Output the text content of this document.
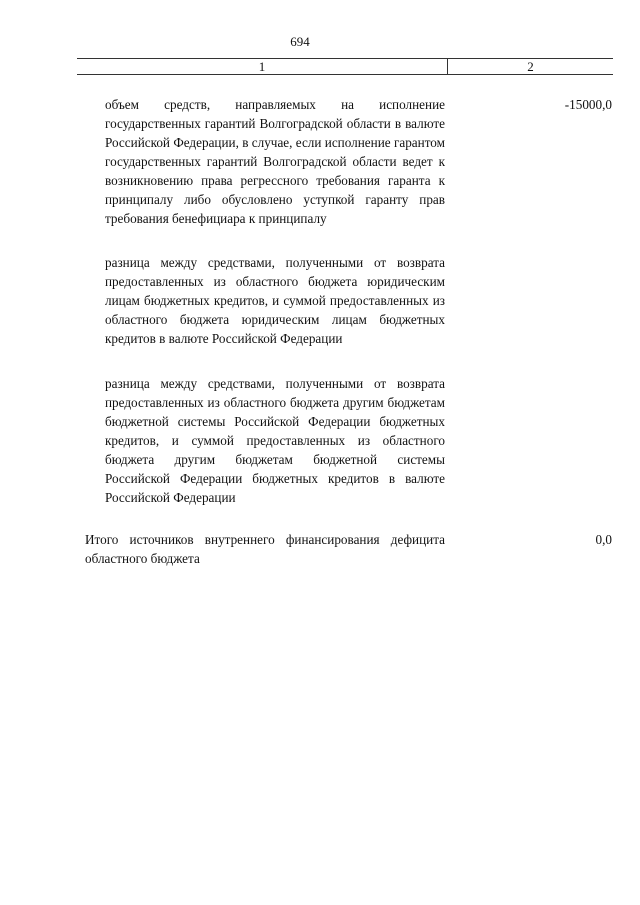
694
1	2

объем средств, направляемых на исполнение государственных гарантий Волгоградской области в валюте Российской Федерации, в случае, если исполнение гарантом государственных гарантий Волгоградской области ведет к возникновению права регрессного требования гаранта к принципалу либо обусловлено уступкой гаранту прав требования бенефициара к принципалу

-15000,0

разница между средствами, полученными от возврата предоставленных из областного бюджета юридическим лицам бюджетных кредитов, и суммой предоставленных из областного бюджета юридическим лицам бюджетных кредитов в валюте Российской Федерации

разница между средствами, полученными от возврата предоставленных из областного бюджета другим бюджетам бюджетной системы Российской Федерации бюджетных кредитов, и суммой предоставленных из областного бюджета другим бюджетам бюджетной системы Российской Федерации бюджетных кредитов в валюте Российской Федерации

Итого источников внутреннего финансирования дефицита областного бюджета

0,0
